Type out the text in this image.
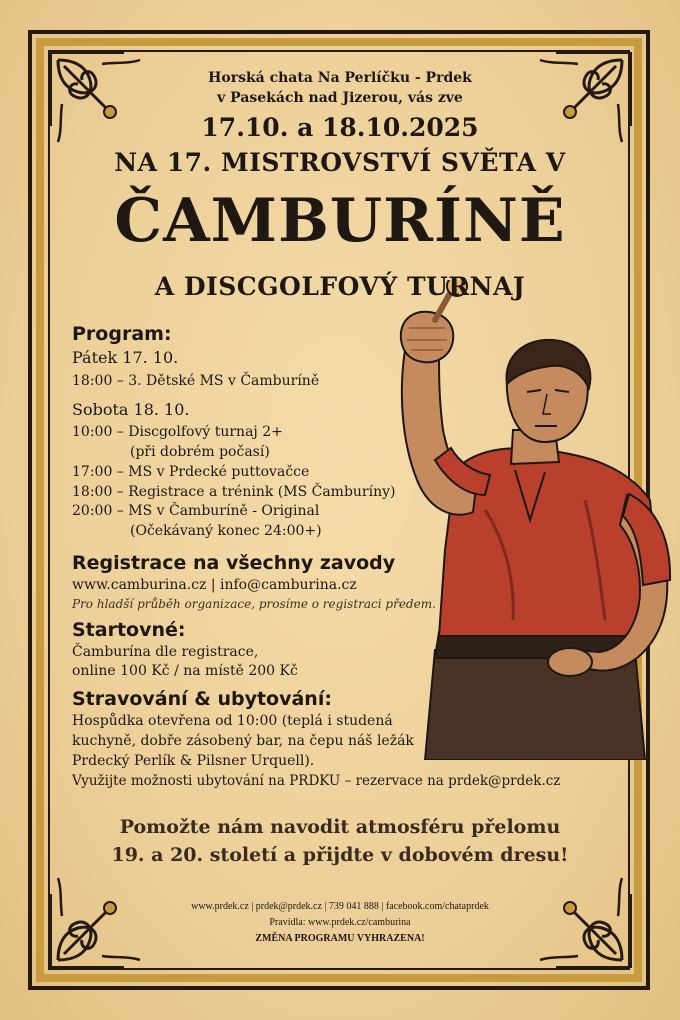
Horská chata Na Perlíčku - Prdek
v Pasekách nad Jizerou, vás zve
17.10. a 18.10.2025
NA 17. MISTROVSTVÍ SVĚTA V
ČAMBURÍNĚ
A DISCGOLFOVÝ TURNAJ
Program:
Pátek 17. 10.
18:00 – 3. Dětské MS v Čamburíně
Sobota 18. 10.
10:00 – Discgolfový turnaj 2+
(při dobrém počasí)
17:00 – MS v Prdecké puttovačce
18:00 – Registrace a trénink (MS Čamburíny)
20:00 – MS v Čamburíně - Original
(Očekávaný konec 24:00+)
Registrace na všechny zavody
www.camburina.cz | info@camburina.cz
Pro hladší průběh organizace, prosíme o registraci předem.
Startovné:
Čamburína dle registrace,
online 100 Kč / na místě 200 Kč
Stravování & ubytování:
Hospůdka otevřena od 10:00 (teplá i studená
kuchyně, dobře zásobený bar, na čepu náš ležák
Prdecký Perlík & Pilsner Urquell).
Využijte možnosti ubytování na PRDKU – rezervace na prdek@prdek.cz
Pomožte nám navodit atmosféru přelomu
19. a 20. století a přijdte v dobovém dresu!
www.prdek.cz | prdek@prdek.cz | 739 041 888 | facebook.com/chataprdek
Pravidla: www.prdek.cz/camburina
ZMĚNA PROGRAMU VYHRAZENA!
